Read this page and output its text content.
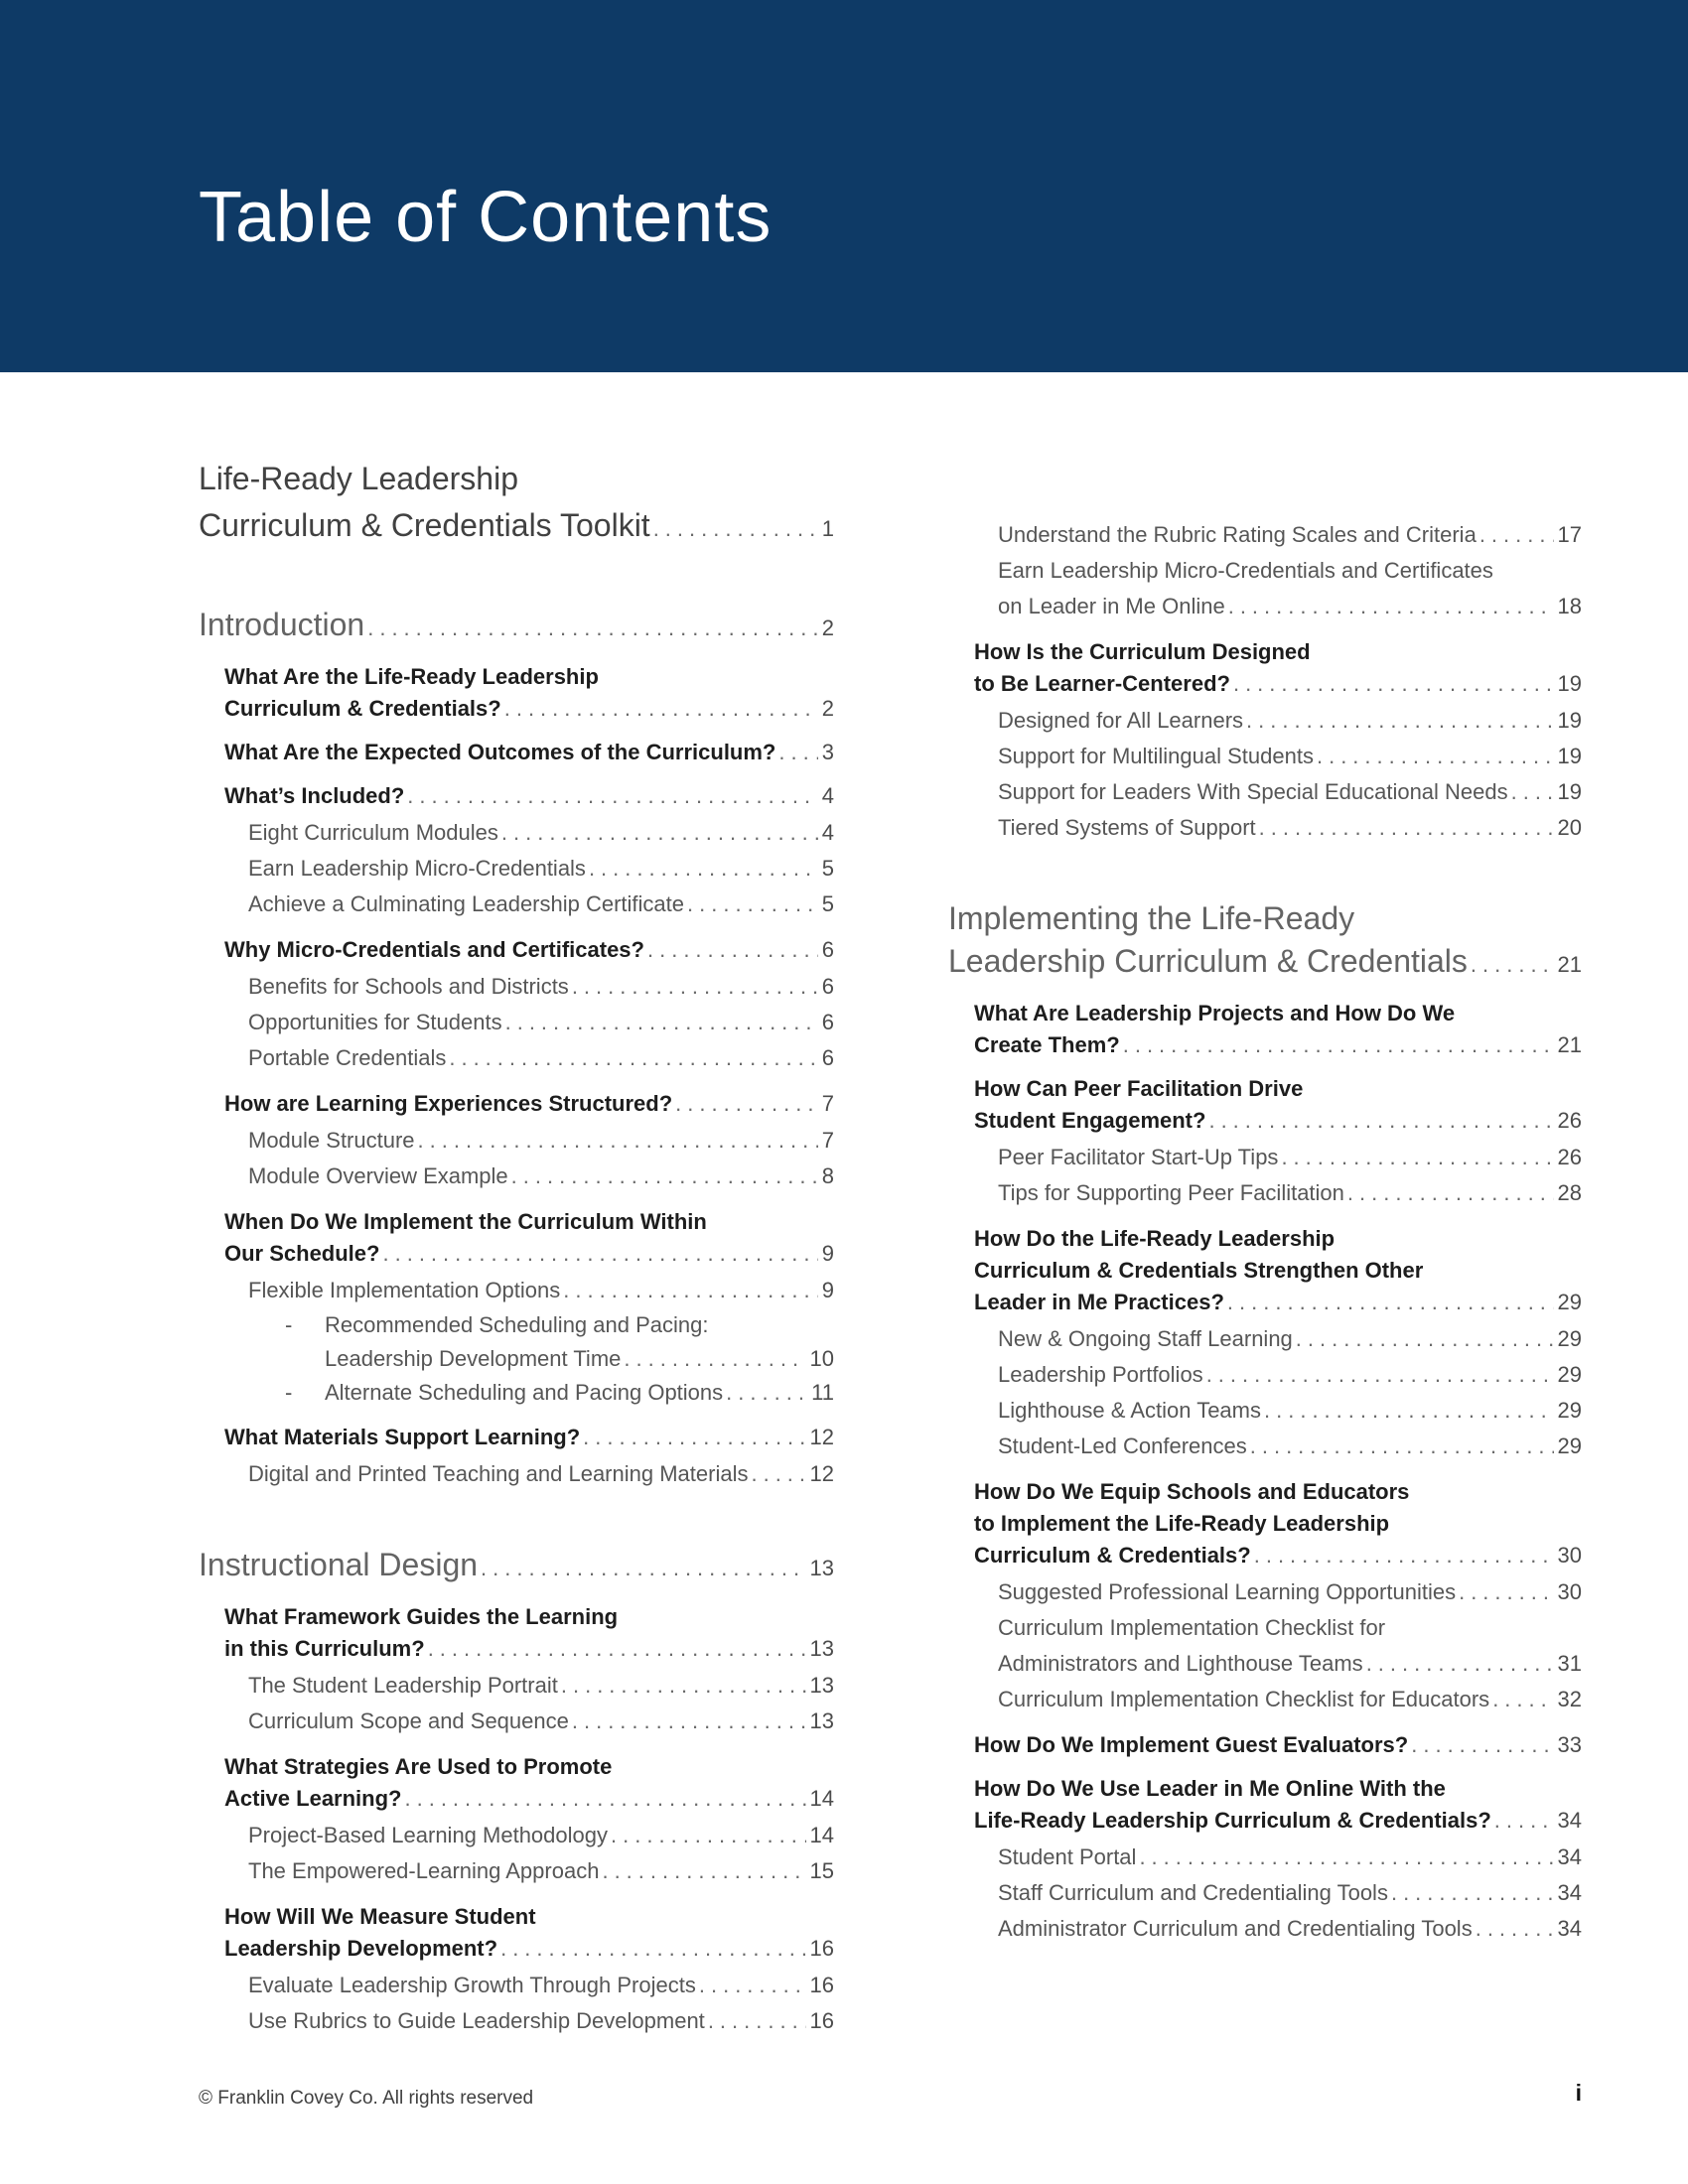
Table of Contents
Life-Ready Leadership
Curriculum & Credentials Toolkit .....	1
Introduction .....	2
What Are the Life-Ready Leadership
Curriculum & Credentials? .....	2
What Are the Expected Outcomes of the Curriculum? ..... 3
What’s Included? .....	4
Eight Curriculum Modules .....	4
Earn Leadership Micro-Credentials .....	5
Achieve a Culminating Leadership Certificate .....	5
Why Micro-Credentials and Certificates? .....	6
Benefits for Schools and Districts .....	6
Opportunities for Students .....	6
Portable Credentials .....	6
How are Learning Experiences Structured? .....	7
Module Structure .....	7
Module Overview Example .....	8
When Do We Implement the Curriculum Within
Our Schedule? .....	9
Flexible Implementation Options .....	9
- Recommended Scheduling and Pacing:
Leadership Development Time .....	10
- Alternate Scheduling and Pacing Options .....	11
What Materials Support Learning? .....	12
Digital and Printed Teaching and Learning Materials .....	12
Instructional Design .....	13
What Framework Guides the Learning
in this Curriculum? .....	13
The Student Leadership Portrait .....	13
Curriculum Scope and Sequence .....	13
What Strategies Are Used to Promote
Active Learning? .....	14
Project-Based Learning Methodology .....	14
The Empowered-Learning Approach .....	15
How Will We Measure Student
Leadership Development? .....	16
Evaluate Leadership Growth Through Projects .....	16
Use Rubrics to Guide Leadership Development .....	16
Understand the Rubric Rating Scales and Criteria .....	17
Earn Leadership Micro-Credentials and Certificates
on Leader in Me Online .....	18
How Is the Curriculum Designed
to Be Learner-Centered? .....	19
Designed for All Learners .....	19
Support for Multilingual Students .....	19
Support for Leaders With Special Educational Needs ..... 19
Tiered Systems of Support .....	20
Implementing the Life-Ready
Leadership Curriculum & Credentials .....	21
What Are Leadership Projects and How Do We
Create Them? .....	21
How Can Peer Facilitation Drive
Student Engagement? .....	26
Peer Facilitator Start-Up Tips .....	26
Tips for Supporting Peer Facilitation .....	28
How Do the Life-Ready Leadership
Curriculum & Credentials Strengthen Other
Leader in Me Practices? .....	29
New & Ongoing Staff Learning .....	29
Leadership Portfolios .....	29
Lighthouse & Action Teams .....	29
Student-Led Conferences .....	29
How Do We Equip Schools and Educators
to Implement the Life-Ready Leadership
Curriculum & Credentials? .....	30
Suggested Professional Learning Opportunities .....	30
Curriculum Implementation Checklist for
Administrators and Lighthouse Teams .....	31
Curriculum Implementation Checklist for Educators .....	32
How Do We Implement Guest Evaluators? .....	33
How Do We Use Leader in Me Online With the
Life-Ready Leadership Curriculum & Credentials? .....	34
Student Portal .....	34
Staff Curriculum and Credentialing Tools .....	34
Administrator Curriculum and Credentialing Tools .....	34
© Franklin Covey Co. All rights reserved	i
